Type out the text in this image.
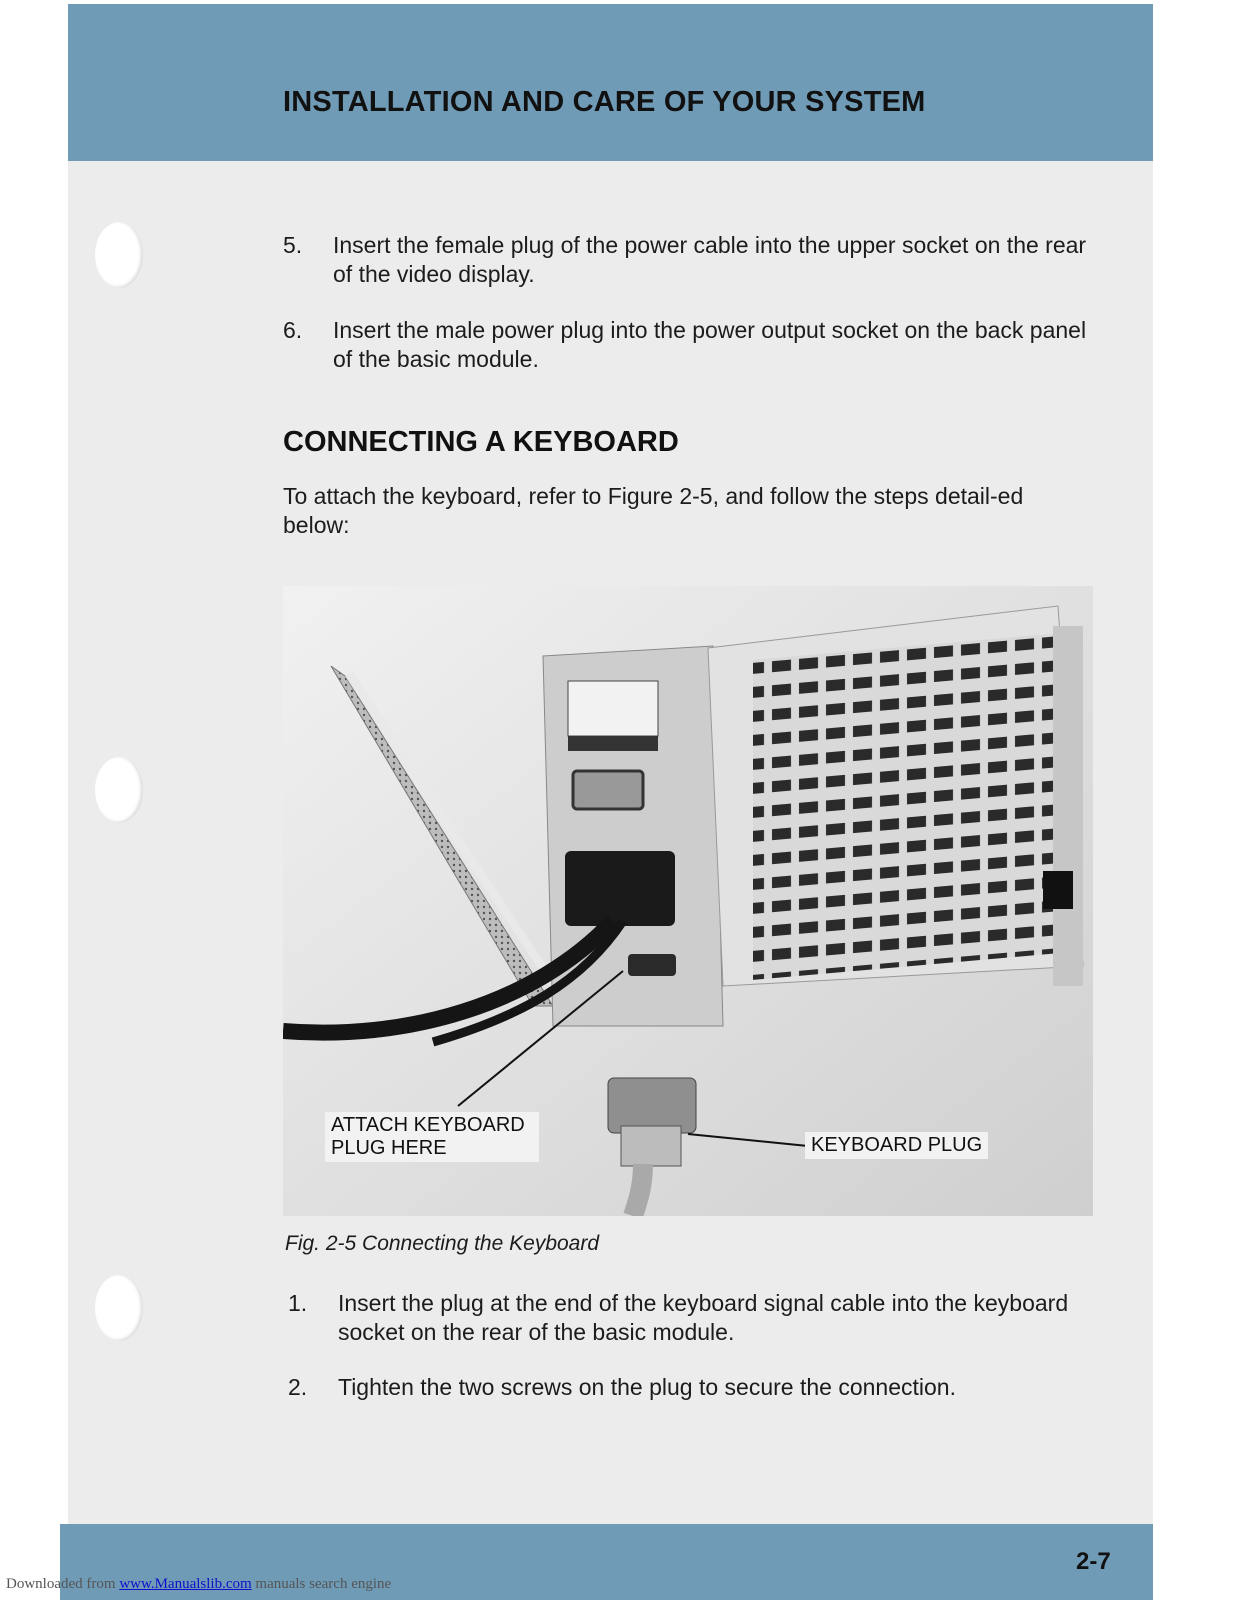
INSTALLATION AND CARE OF YOUR SYSTEM
5. Insert the female plug of the power cable into the upper socket on the rear of the video display.
6. Insert the male power plug into the power output socket on the back panel of the basic module.
CONNECTING A KEYBOARD
To attach the keyboard, refer to Figure 2-5, and follow the steps detail-ed below:
ATTACH KEYBOARD PLUG HERE	KEYBOARD PLUG
Fig. 2-5 Connecting the Keyboard
1. Insert the plug at the end of the keyboard signal cable into the keyboard socket on the rear of the basic module.
2. Tighten the two screws on the plug to secure the connection.
2-7
Downloaded from www.Manualslib.com manuals search engine
